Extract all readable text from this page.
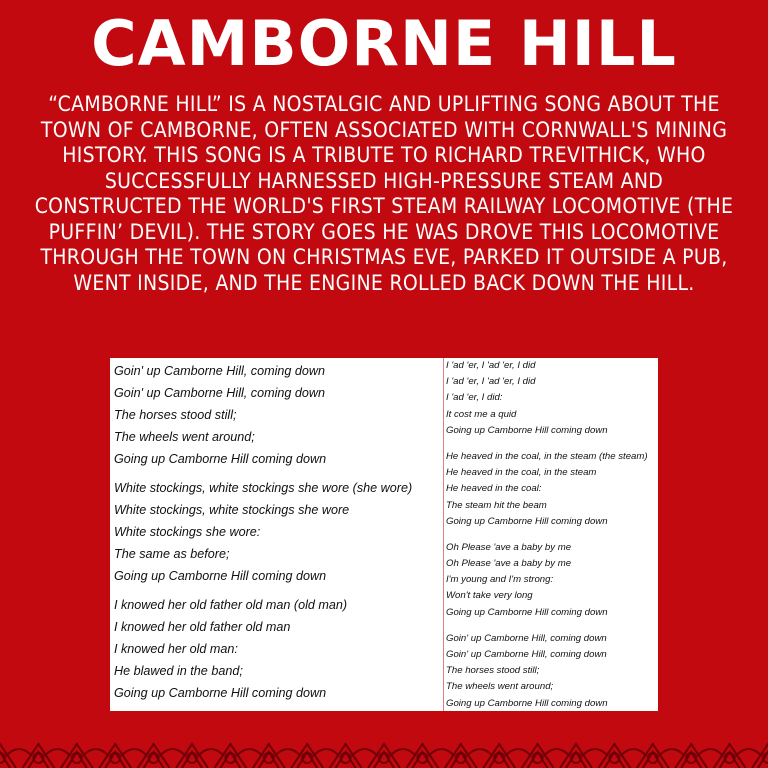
CAMBORNE HILL
“CAMBORNE HILL” IS A NOSTALGIC AND UPLIFTING SONG ABOUT THE TOWN OF CAMBORNE, OFTEN ASSOCIATED WITH CORNWALL'S MINING HISTORY. THIS SONG IS A TRIBUTE TO RICHARD TREVITHICK, WHO SUCCESSFULLY HARNESSED HIGH-PRESSURE STEAM AND CONSTRUCTED THE WORLD'S FIRST STEAM RAILWAY LOCOMOTIVE (THE PUFFIN’ DEVIL). THE STORY GOES HE WAS DROVE THIS LOCOMOTIVE THROUGH THE TOWN ON CHRISTMAS EVE, PARKED IT OUTSIDE A PUB, WENT INSIDE, AND THE ENGINE ROLLED BACK DOWN THE HILL.
Goin' up Camborne Hill, coming down
Goin' up Camborne Hill, coming down
The horses stood still;
The wheels went around;
Going up Camborne Hill coming down
White stockings, white stockings she wore (she wore)
White stockings, white stockings she wore
White stockings she wore:
The same as before;
Going up Camborne Hill coming down
I knowed her old father old man (old man)
I knowed her old father old man
I knowed her old man:
He blawed in the band;
Going up Camborne Hill coming down
I 'ad 'er, I 'ad 'er, I did
I 'ad 'er, I 'ad 'er, I did
I 'ad 'er, I did:
It cost me a quid
Going up Camborne Hill coming down
He heaved in the coal, in the steam (the steam)
He heaved in the coal, in the steam
He heaved in the coal:
The steam hit the beam
Going up Camborne Hill coming down
Oh Please 'ave a baby by me
Oh Please 'ave a baby by me
I'm young and I'm strong:
Won't take very long
Going up Camborne Hill coming down
Goin' up Camborne Hill, coming down
Goin' up Camborne Hill, coming down
The horses stood still;
The wheels went around;
Going up Camborne Hill coming down
